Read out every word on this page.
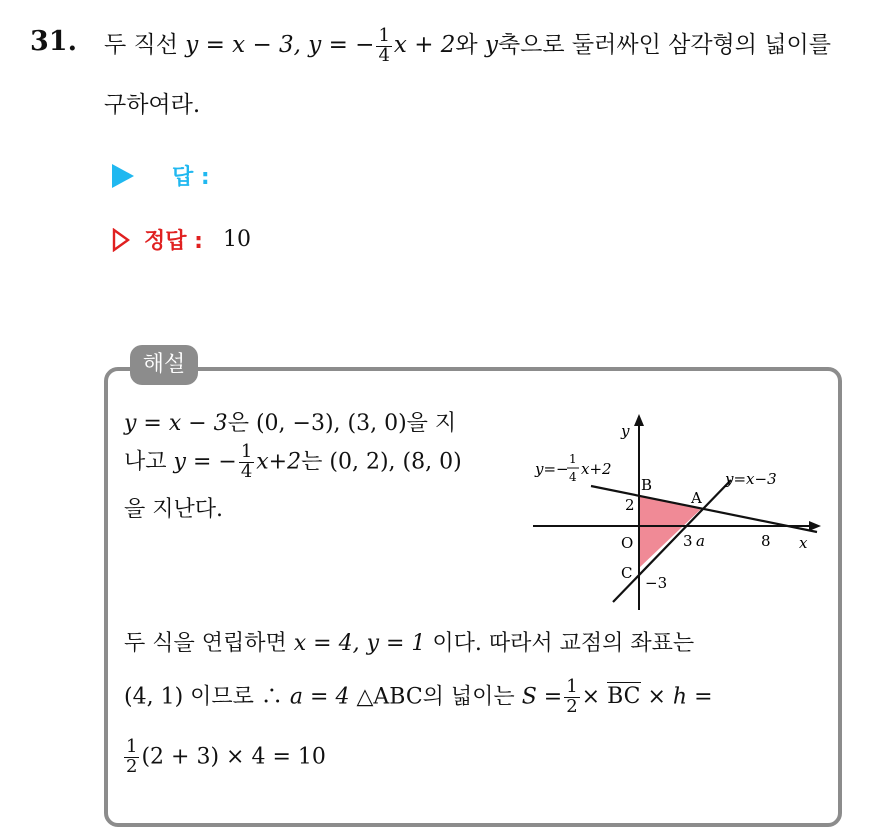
31. 두 직선 y = x − 3, y = − $\frac{1}{4}$ x + 2와 y축으로 둘러싸인 삼각형의 넓이를
구하여라.
답 :
정답 : 10
해설
y = x − 3은 (0, −3), (3, 0)을 지
나고 y = − $\frac{1}{4} x+2$는 (0, 2), (8, 0)
을 지난다.
두 식을 연립하면 x = 4, y = 1 이다. 따라서 교점의 좌표는
(4, 1) 이므로 ∴ a = 4 △ABC의 넓이는 $S = \frac{1}{2}$ × BC × h =
$\frac{1}{2} (2 + 3) \times 4 = 10$
y
x
y=−
1
4 x+2
y=x−3
A
B
C
O
2
3 a	8
−3
